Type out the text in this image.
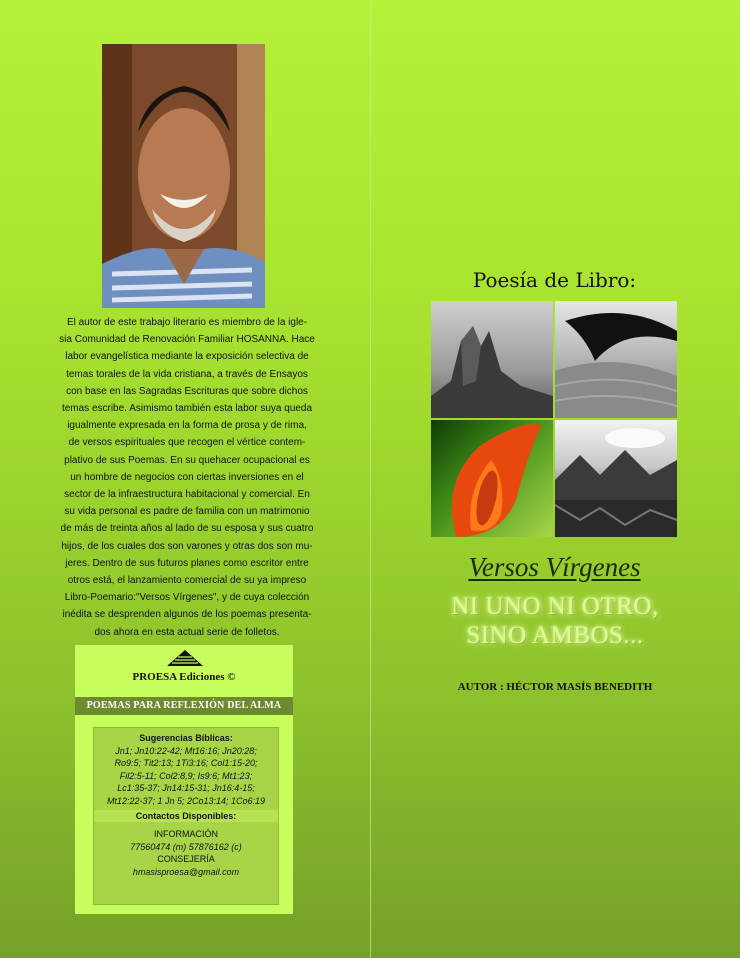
El autor de este trabajo literario es miembro de la igle-
sia Comunidad de Renovación Familiar HOSANNA. Hace
labor evangelística mediante la exposición selectiva de
temas torales de la vida cristiana, a través de Ensayos
con base en las Sagradas Escrituras que sobre dichos
temas escribe. Asimismo también esta labor suya queda
igualmente expresada en la forma de prosa y de rima,
de versos espirituales que recogen el vértice contem-
plativo de sus Poemas. En su quehacer ocupacional es
un hombre de negocios con ciertas inversiones en el
sector de la infraestructura habitacional y comercial. En
su vida personal es padre de familia con un matrimonio
de más de treinta años al lado de su esposa y sus cuatro
hijos, de los cuales dos son varones y otras dos son mu-
jeres. Dentro de sus futuros planes como escritor entre
otros está, el lanzamiento comercial de su ya impreso
Libro-Poemario:"Versos Vírgenes", y de cuya colección
inédita se desprenden algunos de los poemas presenta-
dos ahora en esta actual serie de folletos.
PROESA Ediciones ©
POEMAS PARA REFLEXIÓN DEL ALMA
Sugerencias Bíblicas:
Jn1; Jn10:22-42; Mt16:16; Jn20:28;
Ro9:5; Tit2:13; 1Ti3:16; Col1:15-20;
Fil2:5-11; Col2:8,9; Is9:6; Mt1:23;
Lc1:35-37; Jn14:15-31; Jn16:4-15;
Mt12:22-37; 1 Jn 5; 2Co13:14; 1Co6:19
Contactos Disponibles:
INFORMACIÓN
77560474 (m) 57876162 (c)
CONSEJERÍA
hmasisproesa@gmail.com
Poesía de Libro:
Versos Vírgenes
NI UNO NI OTRO,
SINO AMBOS...
AUTOR : HÉCTOR MASÍS BENEDITH
